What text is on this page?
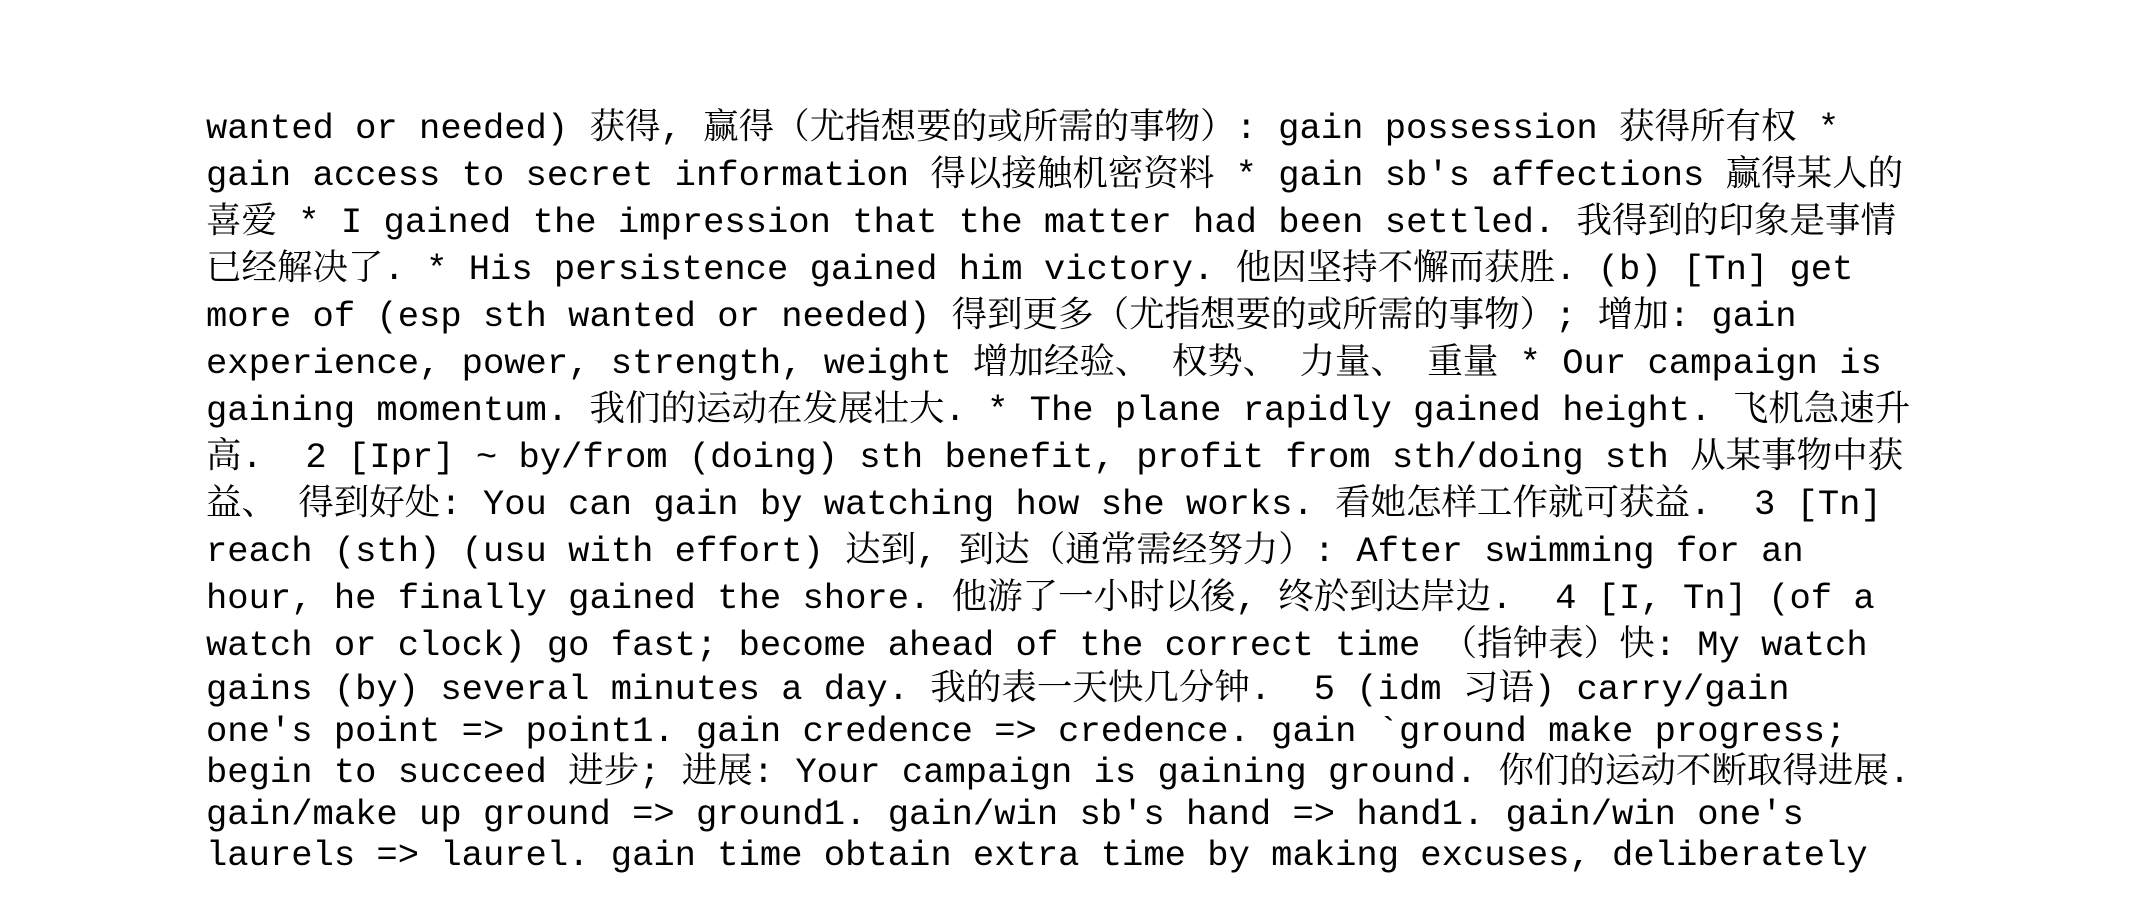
wanted or needed) 获得, 赢得（尤指想要的或所需的事物）: gain possession 获得所有权 *
gain access to secret information 得以接触机密资料 * gain sb's affections 赢得某人的
喜爱 * I gained the impression that the matter had been settled. 我得到的印象是事情
已经解决了. * His persistence gained him victory. 他因坚持不懈而获胜. (b) [Tn] get
more of (esp sth wanted or needed) 得到更多（尤指想要的或所需的事物）; 增加: gain
experience, power, strength, weight 增加经验、 权势、 力量、 重量 * Our campaign is
gaining momentum. 我们的运动在发展壮大. * The plane rapidly gained height. 飞机急速升
高.  2 [Ipr] ~ by/from (doing) sth benefit, profit from sth/doing sth 从某事物中获
益、 得到好处: You can gain by watching how she works. 看她怎样工作就可获益.  3 [Tn]
reach (sth) (usu with effort) 达到, 到达（通常需经努力）: After swimming for an
hour, he finally gained the shore. 他游了一小时以後, 终於到达岸边.  4 [I, Tn] (of a
watch or clock) go fast; become ahead of the correct time （指钟表）快: My watch
gains (by) several minutes a day. 我的表一天快几分钟.  5 (idm 习语) carry/gain
one's point => point1. gain credence => credence. gain `ground make progress;
begin to succeed 进步; 进展: Your campaign is gaining ground. 你们的运动不断取得进展.
gain/make up ground => ground1. gain/win sb's hand => hand1. gain/win one's
laurels => laurel. gain time obtain extra time by making excuses, deliberately
